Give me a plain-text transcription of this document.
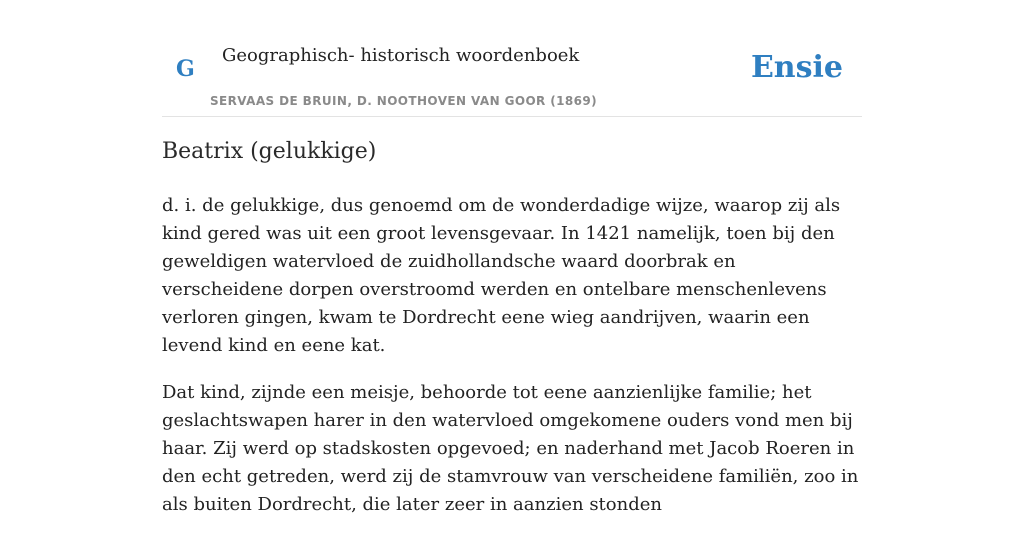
G
Geographisch- historisch woordenboek
SERVAAS DE BRUIN, D. NOOTHOVEN VAN GOOR (1869)
Ensie
Beatrix (gelukkige)

d. i. de gelukkige, dus genoemd om de wonderdadige wijze, waarop zij als kind gered was uit een groot levensgevaar. In 1421 namelijk, toen bij den geweldigen watervloed de zuidhollandsche waard doorbrak en verscheidene dorpen overstroomd werden en ontelbare menschenlevens verloren gingen, kwam te Dordrecht eene wieg aandrijven, waarin een levend kind en eene kat.

Dat kind, zijnde een meisje, behoorde tot eene aanzienlijke familie; het geslachtswapen harer in den watervloed omgekomene ouders vond men bij haar. Zij werd op stadskosten opgevoed; en naderhand met Jacob Roeren in den echt getreden, werd zij de stamvrouw van verscheidene familiën, zoo in als buiten Dordrecht, die later zeer in aanzien stonden
